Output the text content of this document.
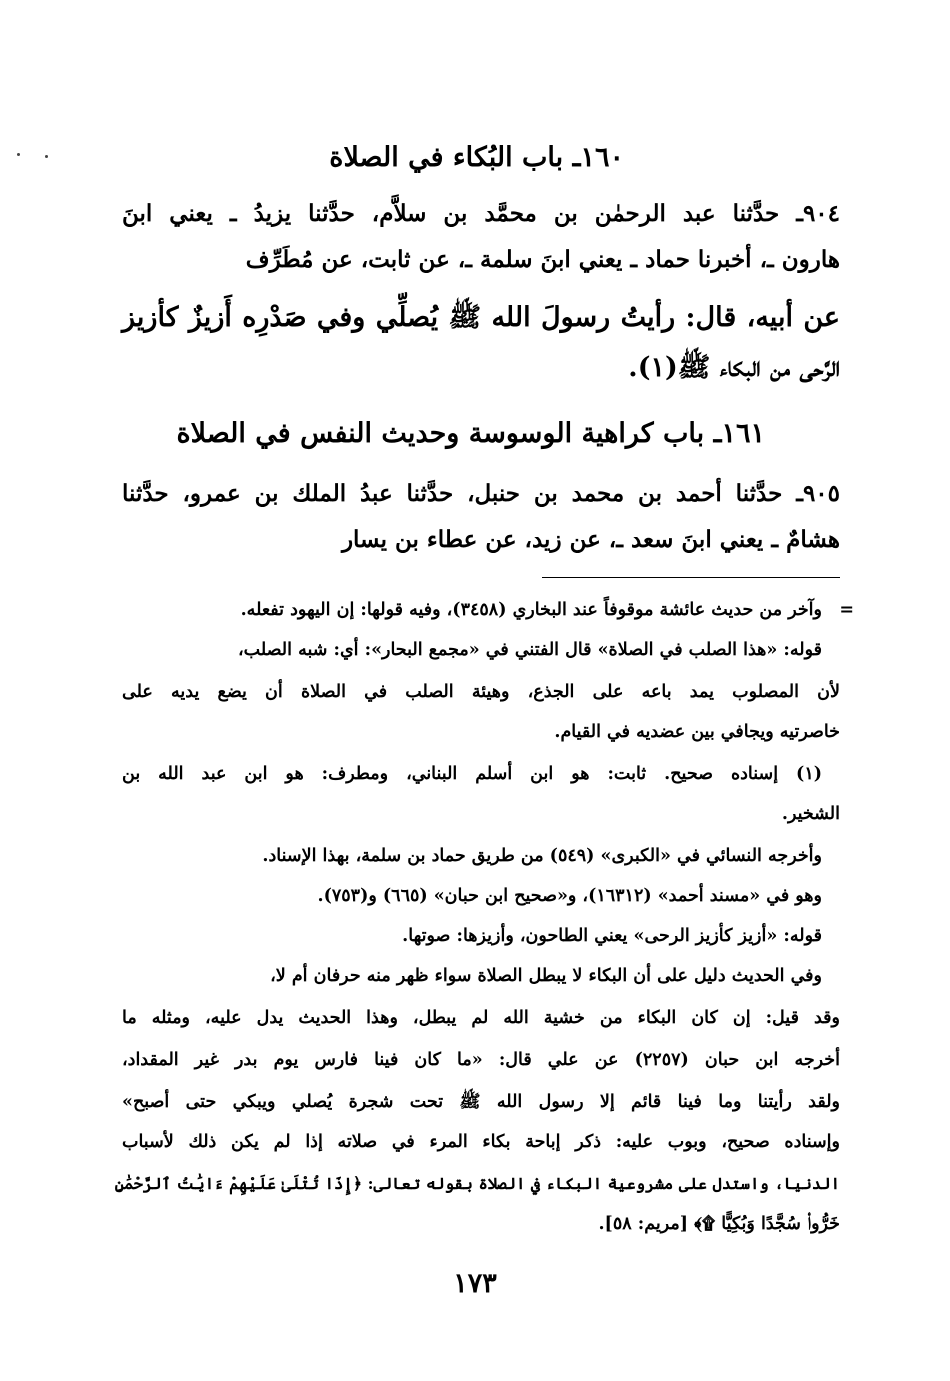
١٦٠ـ باب البُكاء في الصلاة
٩٠٤ـ حدَّثنا عبد الرحمٰن بن محمَّد بن سلاَّم، حدَّثنا يزيدُ ـ يعني ابنَ
هارون ـ، أخبرنا حماد ـ يعني ابنَ سلمة ـ، عن ثابت، عن مُطَرِّف
عن أبيه، قال: رأيتُ رسولَ الله ﷺ يُصلِّي وفي صَدْرِه أَزيزٌ كأزيز
الرَّحى من البكاء ﷺ(١).
١٦١ـ باب كراهية الوسوسة وحديث النفس في الصلاة
٩٠٥ـ حدَّثنا أحمد بن محمد بن حنبل، حدَّثنا عبدُ الملك بن عمرو، حدَّثنا
هشامٌ ـ يعني ابنَ سعد ـ، عن زيد، عن عطاء بن يسار
=
وآخر من حديث عائشة موقوفاً عند البخاري (٣٤٥٨)، وفيه قولها: إن اليهود تفعله.
قوله: «هذا الصلب في الصلاة» قال الفتني في «مجمع البحار»: أي: شبه الصلب،
لأن المصلوب يمد باعه على الجذع، وهيئة الصلب في الصلاة أن يضع يديه على
خاصرتيه ويجافي بين عضديه في القيام.
(١) إسناده صحيح. ثابت: هو ابن أسلم البناني، ومطرف: هو ابن عبد الله بن
الشخير.
وأخرجه النسائي في «الكبرى» (٥٤٩) من طريق حماد بن سلمة، بهذا الإسناد.
وهو في «مسند أحمد» (١٦٣١٢)، و«صحيح ابن حبان» (٦٦٥) و(٧٥٣).
قوله: «أزيز كأزيز الرحى» يعني الطاحون، وأزيزها: صوتها.
وفي الحديث دليل على أن البكاء لا يبطل الصلاة سواء ظهر منه حرفان أم لا،
وقد قيل: إن كان البكاء من خشية الله لم يبطل، وهذا الحديث يدل عليه، ومثله ما
أخرجه ابن حبان (٢٢٥٧) عن علي قال: «ما كان فينا فارس يوم بدر غير المقداد،
ولقد رأيتنا وما فينا قائم إلا رسول الله ﷺ تحت شجرة يُصلي ويبكي حتى أصبح»
وإسناده صحيح، وبوب عليه: ذكر إباحة بكاء المرء في صلاته إذا لم يكن ذلك لأسباب
الدنيا، واستدل على مشروعية البكاء في الصلاة بقوله تعالى: ﴿إِذَا تُتْلَىٰ عَلَيْهِمْ ءَايَٰتُ ٱلرَّحْمَٰنِ
خَرُّوا۟ سُجَّدًا وَبُكِيًّا ۩﴾ [مريم: ٥٨].
١٧٣
